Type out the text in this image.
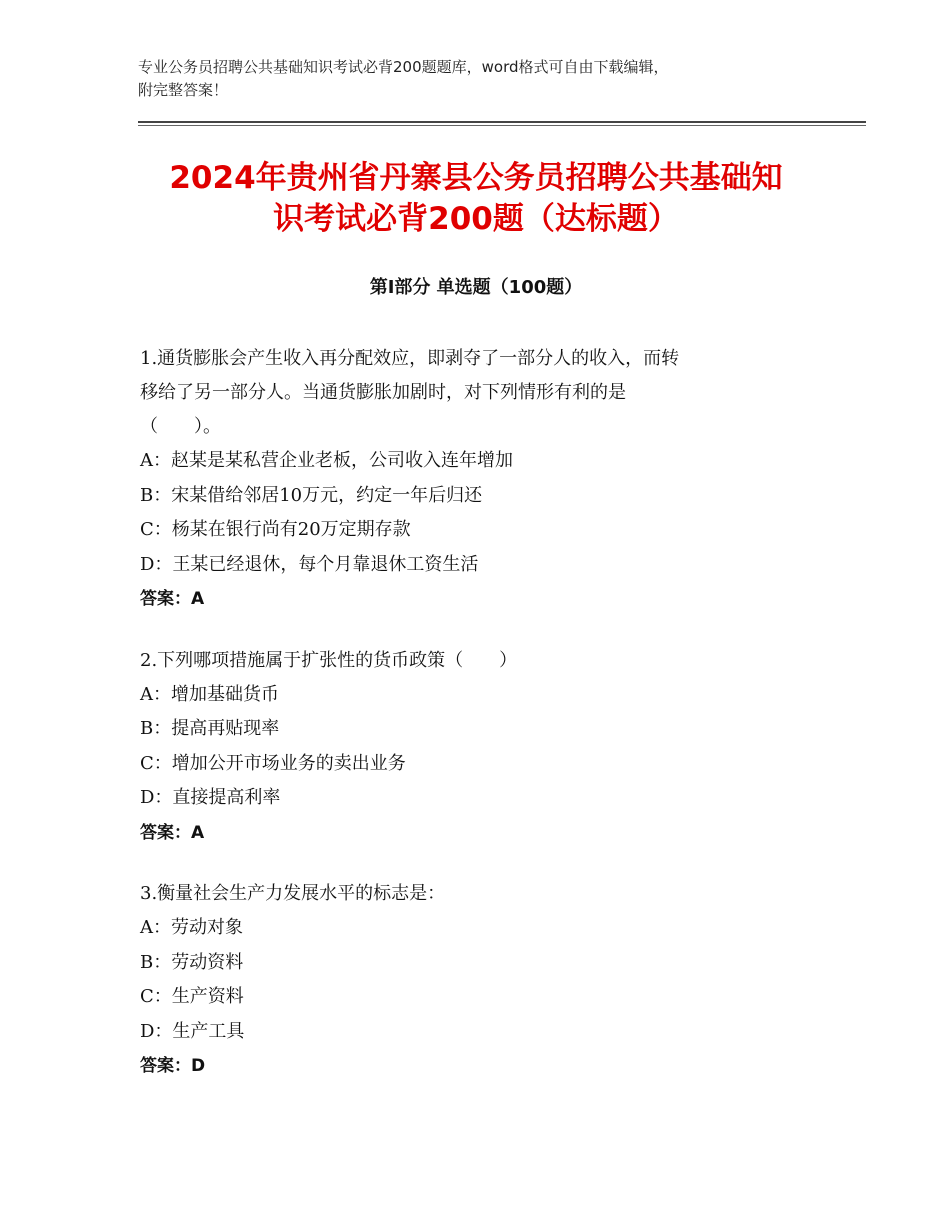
专业公务员招聘公共基础知识考试必背200题题库，word格式可自由下载编辑，
附完整答案！
2024年贵州省丹寨县公务员招聘公共基础知
识考试必背200题（达标题）
第Ⅰ部分 单选题（100题）

1.通货膨胀会产生收入再分配效应，即剥夺了一部分人的收入，而转

移给了另一部分人。当通货膨胀加剧时，对下列情形有利的是

（　　）。

A：赵某是某私营企业老板，公司收入连年增加

B：宋某借给邻居10万元，约定一年后归还

C：杨某在银行尚有20万定期存款

D：王某已经退休，每个月靠退休工资生活

答案：A

2.下列哪项措施属于扩张性的货币政策（　　）

A：增加基础货币

B：提高再贴现率

C：增加公开市场业务的卖出业务

D：直接提高利率

答案：A

3.衡量社会生产力发展水平的标志是：

A：劳动对象

B：劳动资料

C：生产资料

D：生产工具

答案：D
